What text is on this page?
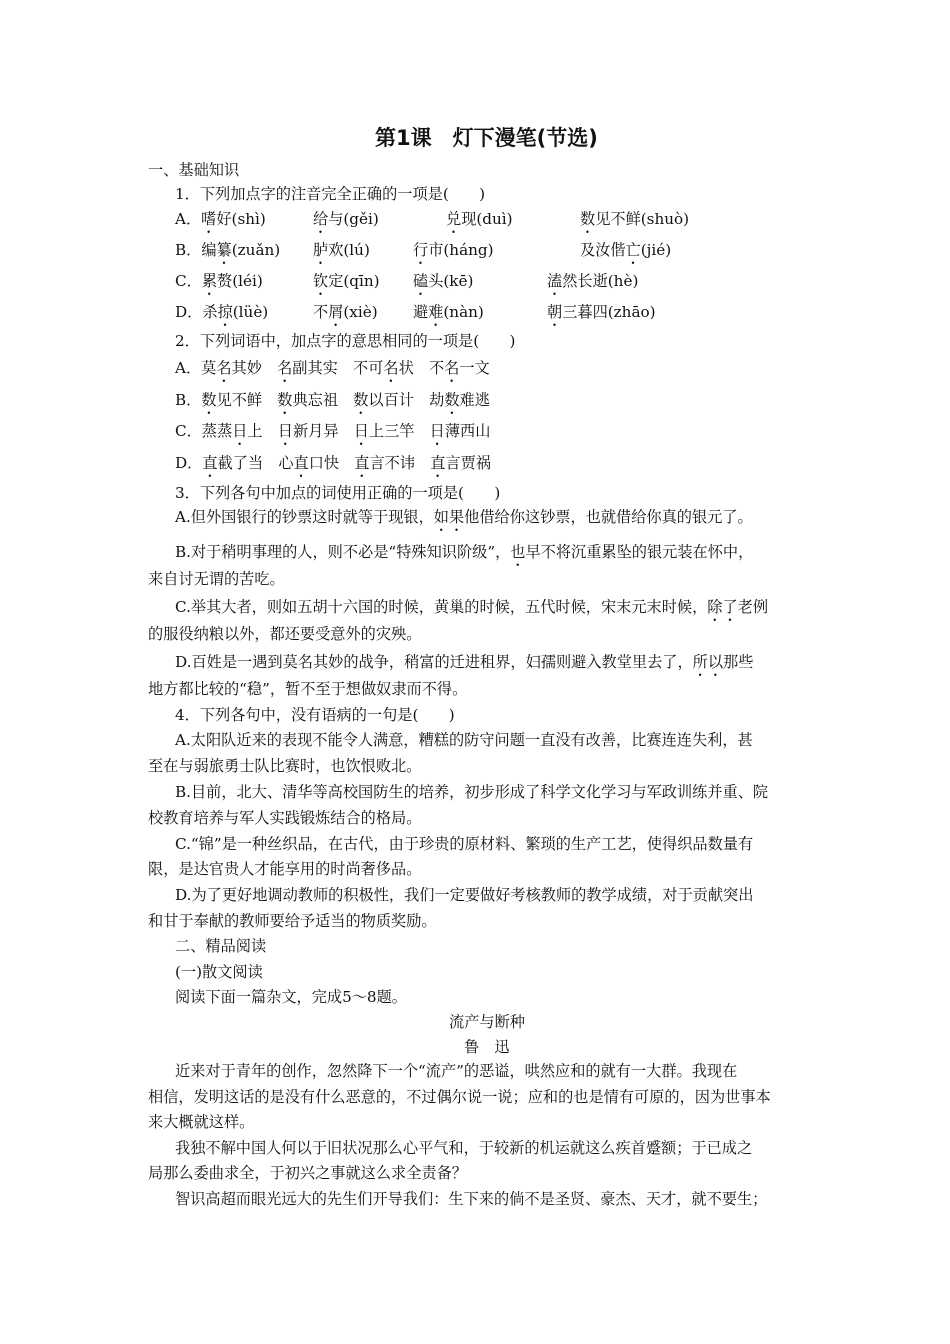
第1课　灯下漫笔(节选)
一、基础知识
1．下列加点字的注音完全正确的一项是(　　)
A．嗜好(shì)	给与(gěi)	兑现(duì)	数见不鲜(shuò)
B．编纂(zuǎn) 胪欢(lú)	行市(háng)	及汝偕亡(jié)
C．累赘(léi)	钦定(qīn) 磕头(kē)	溘然长逝(hè)
D．杀掠(lüè)	不屑(xiè) 避难(nàn)	朝三暮四(zhāo)
2．下列词语中，加点字的意思相同的一项是(　　)
A．莫名其妙　名副其实　不可名状　不名一文
B．数见不鲜　数典忘祖　数以百计　劫数难逃
C．蒸蒸日上　日新月异　日上三竿　日薄西山
D．直截了当　心直口快　直言不讳　直言贾祸
3．下列各句中加点的词使用正确的一项是(　　)
A.但外国银行的钞票这时就等于现银，如果他借给你这钞票，也就借给你真的银元了。
B.对于稍明事理的人，则不必是“特殊知识阶级”，也早不将沉重累坠的银元装在怀中，
来自讨无谓的苦吃。
C.举其大者，则如五胡十六国的时候，黄巢的时候，五代时候，宋末元末时候，除了老例
的服役纳粮以外，都还要受意外的灾殃。
D.百姓是一遇到莫名其妙的战争，稍富的迁进租界，妇孺则避入教堂里去了，所以那些
地方都比较的“稳”，暂不至于想做奴隶而不得。
4．下列各句中，没有语病的一句是(　　)
A.太阳队近来的表现不能令人满意，糟糕的防守问题一直没有改善，比赛连连失利，甚
至在与弱旅勇士队比赛时，也饮恨败北。
B.目前，北大、清华等高校国防生的培养，初步形成了科学文化学习与军政训练并重、院
校教育培养与军人实践锻炼结合的格局。
C.“锦”是一种丝织品，在古代，由于珍贵的原材料、繁琐的生产工艺，使得织品数量有
限，是达官贵人才能享用的时尚奢侈品。
D.为了更好地调动教师的积极性，我们一定要做好考核教师的教学成绩，对于贡献突出
和甘于奉献的教师要给予适当的物质奖励。
二、精品阅读
(一)散文阅读
阅读下面一篇杂文，完成5～8题。
流产与断种
鲁　迅
近来对于青年的创作，忽然降下一个“流产”的恶谥，哄然应和的就有一大群。我现在
相信，发明这话的是没有什么恶意的，不过偶尔说一说；应和的也是情有可原的，因为世事本
来大概就这样。
我独不解中国人何以于旧状况那么心平气和，于较新的机运就这么疾首蹙额；于已成之
局那么委曲求全，于初兴之事就这么求全责备？
智识高超而眼光远大的先生们开导我们：生下来的倘不是圣贤、豪杰、天才，就不要生；
